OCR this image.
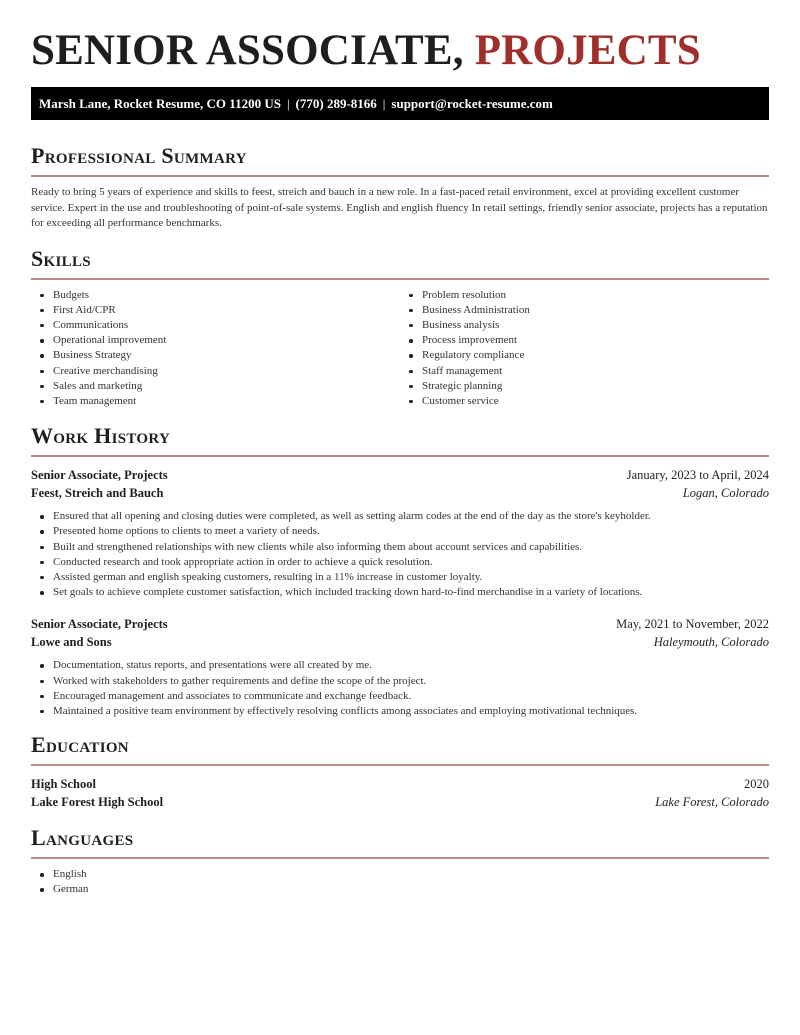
SENIOR ASSOCIATE, PROJECTS
Marsh Lane, Rocket Resume, CO 11200 US | (770) 289-8166 | support@rocket-resume.com
Professional Summary

Ready to bring 5 years of experience and skills to feest, streich and bauch in a new role. In a fast-paced retail environment, excel at providing excellent customer service. Expert in the use and troubleshooting of point-of-sale systems. English and english fluency In retail settings, friendly senior associate, projects has a reputation for exceeding all performance benchmarks.

Skills
Budgets
First Aid/CPR
Communications
Operational improvement
Business Strategy
Creative merchandising
Sales and marketing
Team management
Problem resolution
Business Administration
Business analysis
Process improvement
Regulatory compliance
Staff management
Strategic planning
Customer service
Work History
Senior Associate, Projects	January, 2023 to April, 2024
Feest, Streich and Bauch	Logan, Colorado
Ensured that all opening and closing duties were completed, as well as setting alarm codes at the end of the day as the store's keyholder.
Presented home options to clients to meet a variety of needs.
Built and strengthened relationships with new clients while also informing them about account services and capabilities.
Conducted research and took appropriate action in order to achieve a quick resolution.
Assisted german and english speaking customers, resulting in a 11% increase in customer loyalty.
Set goals to achieve complete customer satisfaction, which included tracking down hard-to-find merchandise in a variety of locations.
Senior Associate, Projects	May, 2021 to November, 2022
Lowe and Sons	Haleymouth, Colorado
Documentation, status reports, and presentations were all created by me.
Worked with stakeholders to gather requirements and define the scope of the project.
Encouraged management and associates to communicate and exchange feedback.
Maintained a positive team environment by effectively resolving conflicts among associates and employing motivational techniques.
Education
High School	2020
Lake Forest High School	Lake Forest, Colorado
Languages
English
German
